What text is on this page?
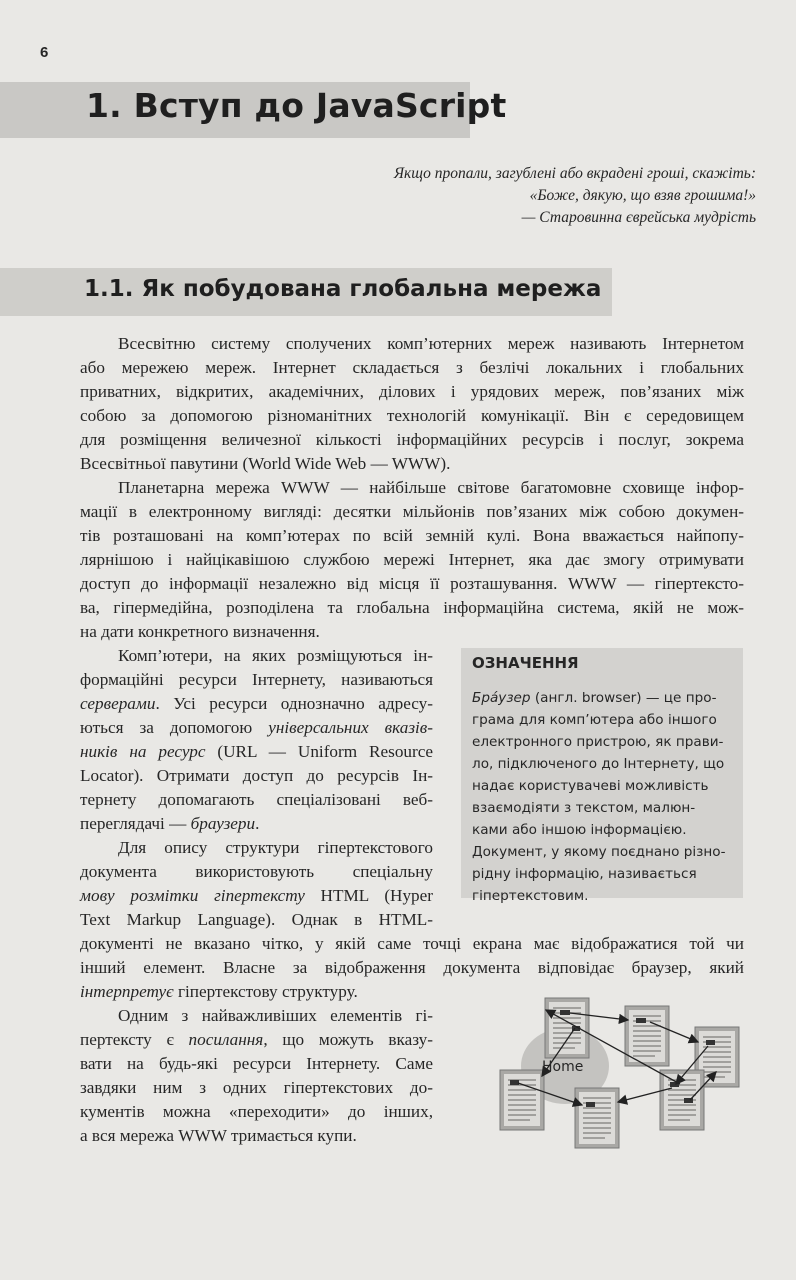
6
1. Вступ до JavaScript
Якщо пропали, загублені або вкрадені гроші, скажіть:
«Боже, дякую, що взяв грошима!»
— Старовинна єврейська мудрість
1.1. Як побудована глобальна мережа
Всесвітню систему сполучених комп’ютерних мереж називають Інтернетом
або мережею мереж. Інтернет складається з безлічі локальних і глобальних
приватних, відкритих, академічних, ділових і урядових мереж, пов’язаних між
собою за допомогою різноманітних технологій комунікації. Він є середовищем
для розміщення величезної кількості інформаційних ресурсів і послуг, зокрема
Всесвітньої павутини (World Wide Web — WWW).
Планетарна мережа WWW — найбільше світове багатомовне сховище інфор-
мації в електронному вигляді: десятки мільйонів пов’язаних між собою докумен-
тів розташовані на комп’ютерах по всій земній кулі. Вона вважається найпопу-
лярнішою і найцікавішою службою мережі Інтернет, яка дає змогу отримувати
доступ до інформації незалежно від місця її розташування. WWW — гіпертексто-
ва, гіпермедійна, розподілена та глобальна інформаційна система, якій не мож-
на дати конкретного визначення.
ОЗНАЧЕННЯ
Бра́узер (англ. browser) — це про-
грама для комп’ютера або іншого
електронного пристрою, як прави-
ло, підключеного до Інтернету, що
надає користувачеві можливість
взаємодіяти з текстом, малюн-
ками або іншою інформацією.
Документ, у якому поєднано різно-
рідну інформацію, називається
гіпертекстовим.
Комп’ютери, на яких розміщуються ін-
формаційні ресурси Інтернету, називаються
серверами. Усі ресурси однозначно адресу-
ються за допомогою універсальних вказів-
ників на ресурс (URL — Uniform Resource
Locator). Отримати доступ до ресурсів Ін-
тернету допомагають спеціалізовані веб-
переглядачі — браузери.
Для опису структури гіпертекстового
документа використовують спеціальну
мову розмітки гіпертексту HTML (Hyper
Text Markup Language). Однак в HTML-
документі не вказано чітко, у якій саме точці екрана має відображатися той чи
інший елемент. Власне за відображення документа відповідає браузер, який
інтерпретує гіпертекстову структуру.
Одним з найважливіших елементів гі-
пертексту є посилання, що можуть вказу-
вати на будь-які ресурси Інтернету. Саме
завдяки ним з одних гіпертекстових до-
кументів можна «переходити» до інших,
а вся мережа WWW тримається купи.
Home
